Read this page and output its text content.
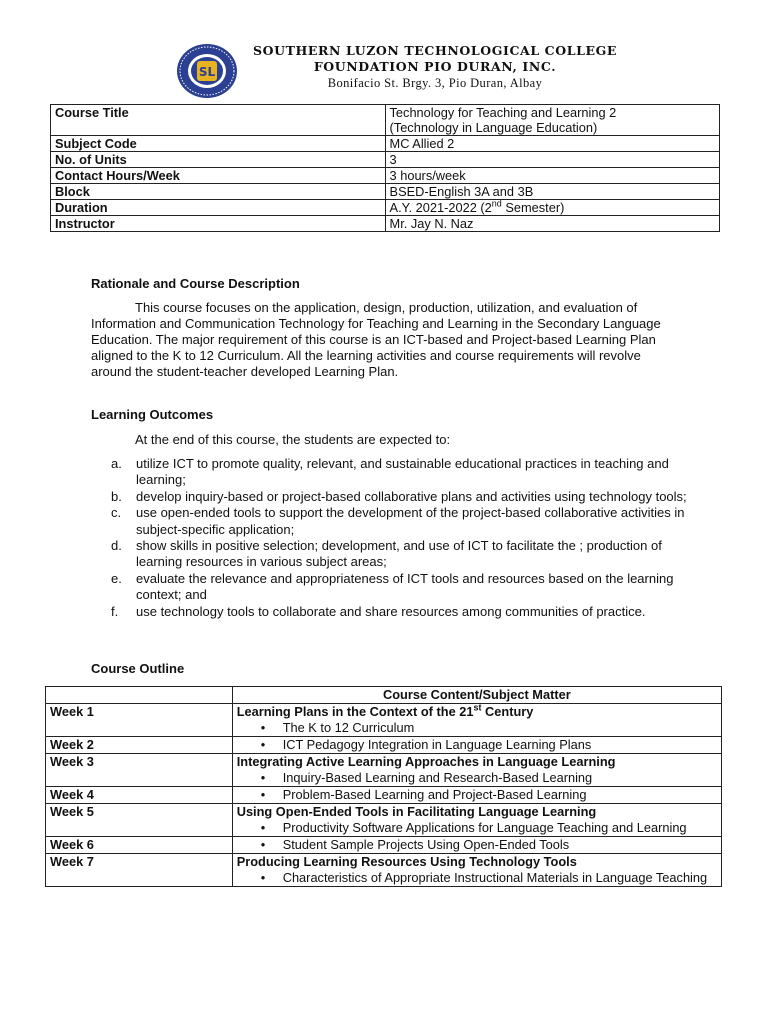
SL
SOUTHERN LUZON TECHNOLOGICAL COLLEGE
FOUNDATION PIO DURAN, INC.
Bonifacio St. Brgy. 3, Pio Duran, Albay
Course Title	Technology for Teaching and Learning 2
(Technology in Language Education)
Subject Code	MC Allied 2
No. of Units	3
Contact Hours/Week	3 hours/week
Block	BSED-English 3A and 3B
Duration	A.Y. 2021-2022 (2nd Semester)
Instructor	Mr. Jay N. Naz
Rationale and Course Description
This course focuses on the application, design, production, utilization, and evaluation of Information and Communication Technology for Teaching and Learning in the Secondary Language Education. The major requirement of this course is an ICT-based and Project-based Learning Plan aligned to the K to 12 Curriculum. All the learning activities and course requirements will revolve around the student-teacher developed Learning Plan.
Learning Outcomes
At the end of this course, the students are expected to:
a. utilize ICT to promote quality, relevant, and sustainable educational practices in teaching and learning;
b. develop inquiry-based or project-based collaborative plans and activities using technology tools;
c. use open-ended tools to support the development of the project-based collaborative activities in subject-specific application;
d. show skills in positive selection; development, and use of ICT to facilitate the ; production of learning resources in various subject areas;
e. evaluate the relevance and appropriateness of ICT tools and resources based on the learning context; and
f. use technology tools to collaborate and share resources among communities of practice.
Course Outline
	Course Content/Subject Matter
Week 1	Learning Plans in the Context of the 21st Century
• The K to 12 Curriculum

Week 2	• ICT Pedagogy Integration in Language Learning Plans

Week 3	Integrating Active Learning Approaches in Language Learning
• Inquiry-Based Learning and Research-Based Learning

Week 4	• Problem-Based Learning and Project-Based Learning

Week 5	Using Open-Ended Tools in Facilitating Language Learning
• Productivity Software Applications for Language Teaching and Learning

Week 6	• Student Sample Projects Using Open-Ended Tools

Week 7	Producing Learning Resources Using Technology Tools
• Characteristics of Appropriate Instructional Materials in Language Teaching
